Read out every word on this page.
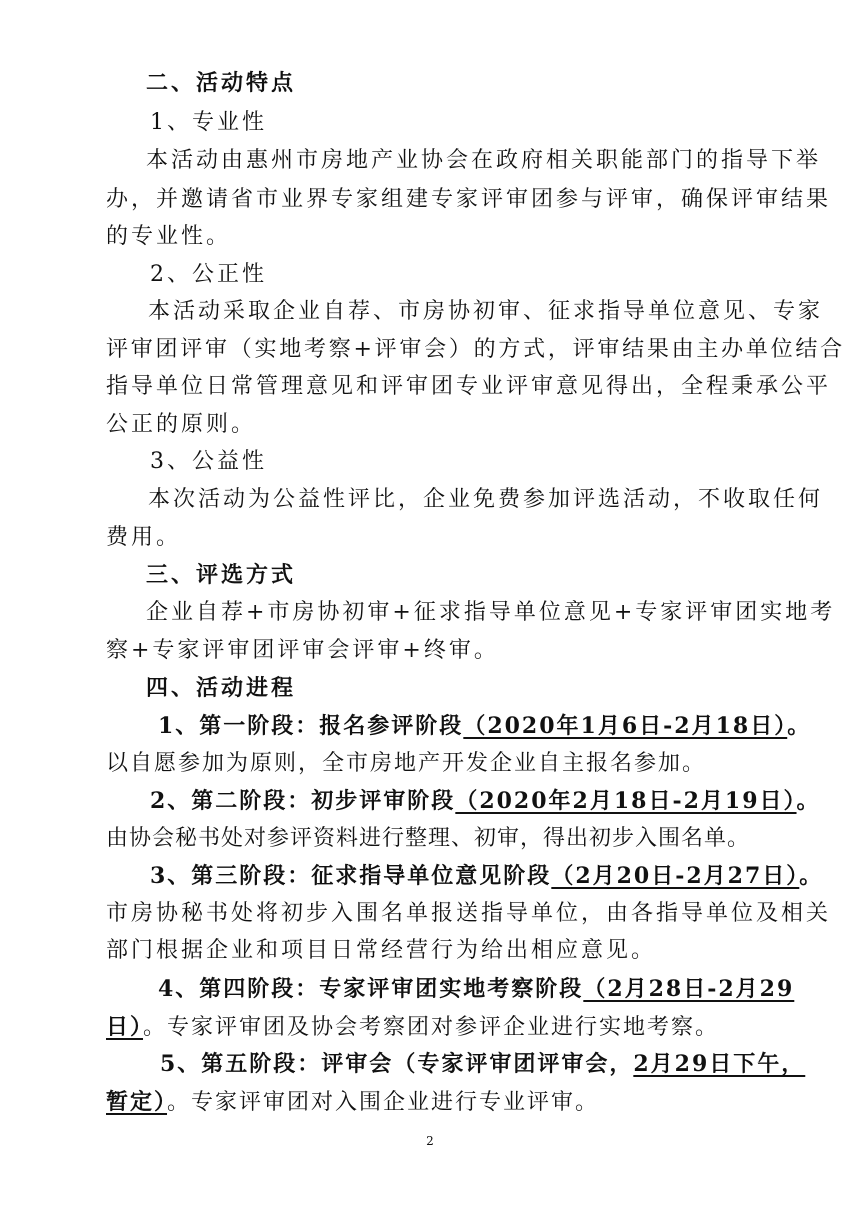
二、活动特点
1、专业性
本活动由惠州市房地产业协会在政府相关职能部门的指导下举
办，并邀请省市业界专家组建专家评审团参与评审，确保评审结果
的专业性。
2、公正性
本活动采取企业自荐、市房协初审、征求指导单位意见、专家
评审团评审（实地考察+评审会）的方式，评审结果由主办单位结合
指导单位日常管理意见和评审团专业评审意见得出，全程秉承公平
公正的原则。
3、公益性
本次活动为公益性评比，企业免费参加评选活动，不收取任何
费用。
三、评选方式
企业自荐+市房协初审+征求指导单位意见+专家评审团实地考
察+专家评审团评审会评审+终审。
四、活动进程
1、第一阶段：报名参评阶段（2020年1月6日-2月18日）。
以自愿参加为原则，全市房地产开发企业自主报名参加。
2、第二阶段：初步评审阶段（2020年2月18日-2月19日）。
由协会秘书处对参评资料进行整理、初审，得出初步入围名单。
3、第三阶段：征求指导单位意见阶段（2月20日-2月27日）。
市房协秘书处将初步入围名单报送指导单位，由各指导单位及相关
部门根据企业和项目日常经营行为给出相应意见。
4、第四阶段：专家评审团实地考察阶段（2月28日-2月29
日）。专家评审团及协会考察团对参评企业进行实地考察。
5、第五阶段：评审会（专家评审团评审会，2月29日下午，
暂定）。专家评审团对入围企业进行专业评审。
2
